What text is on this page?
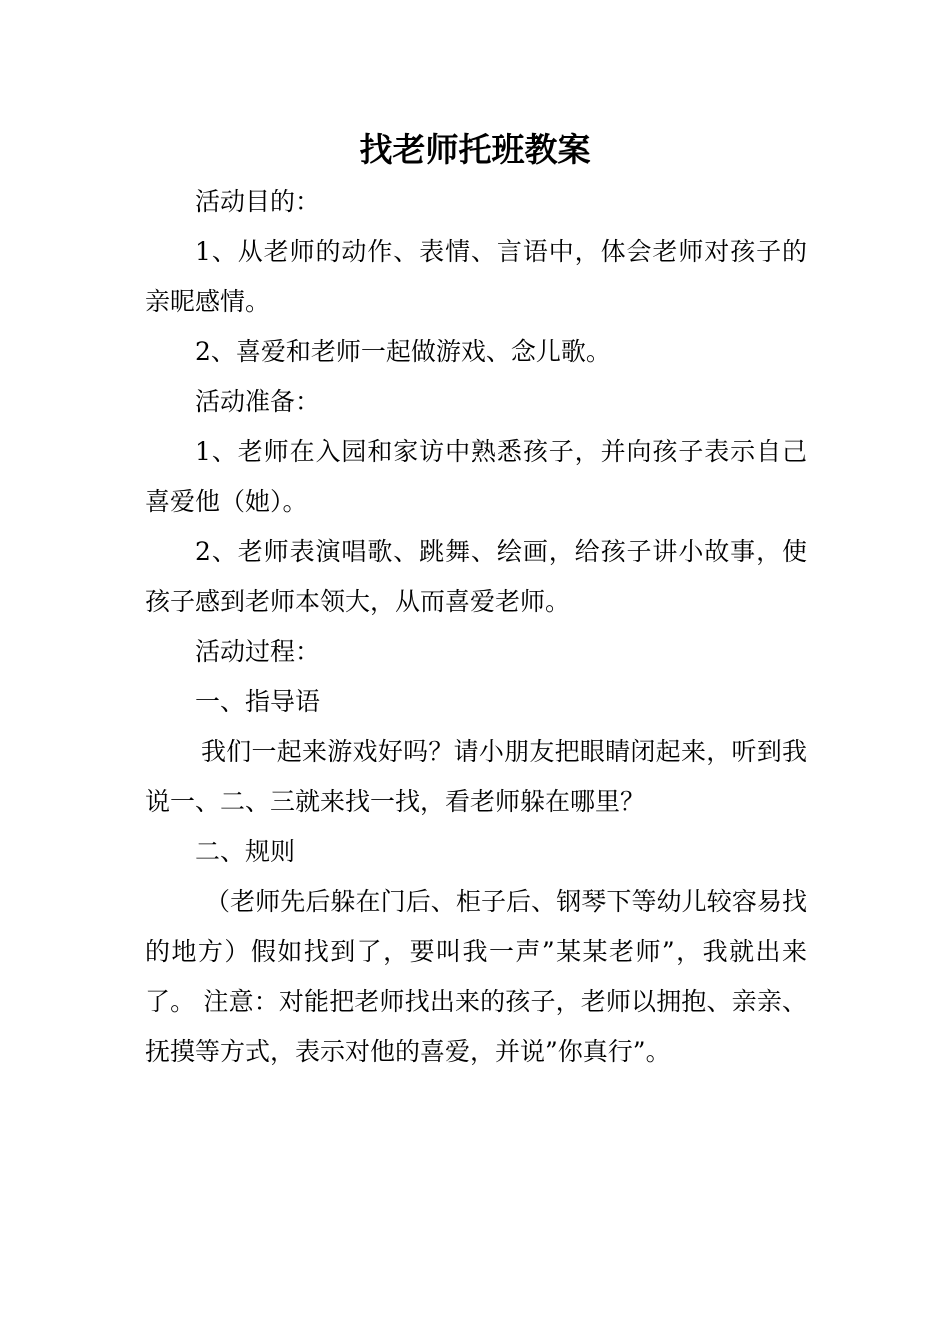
找老师托班教案

活动目的：

1、从老师的动作、表情、言语中，体会老师对孩子的亲昵感情。

2、喜爱和老师一起做游戏、念儿歌。

活动准备：

1、老师在入园和家访中熟悉孩子，并向孩子表示自己喜爱他（她）。

2、老师表演唱歌、跳舞、绘画，给孩子讲小故事，使孩子感到老师本领大，从而喜爱老师。

活动过程：

一、指导语

我们一起来游戏好吗？请小朋友把眼睛闭起来，听到我说一、二、三就来找一找，看老师躲在哪里？

二、规则

（老师先后躲在门后、柜子后、钢琴下等幼儿较容易找的地方）假如找到了，要叫我一声”某某老师”，我就出来了。 注意：对能把老师找出来的孩子，老师以拥抱、亲亲、抚摸等方式，表示对他的喜爱，并说”你真行”。
